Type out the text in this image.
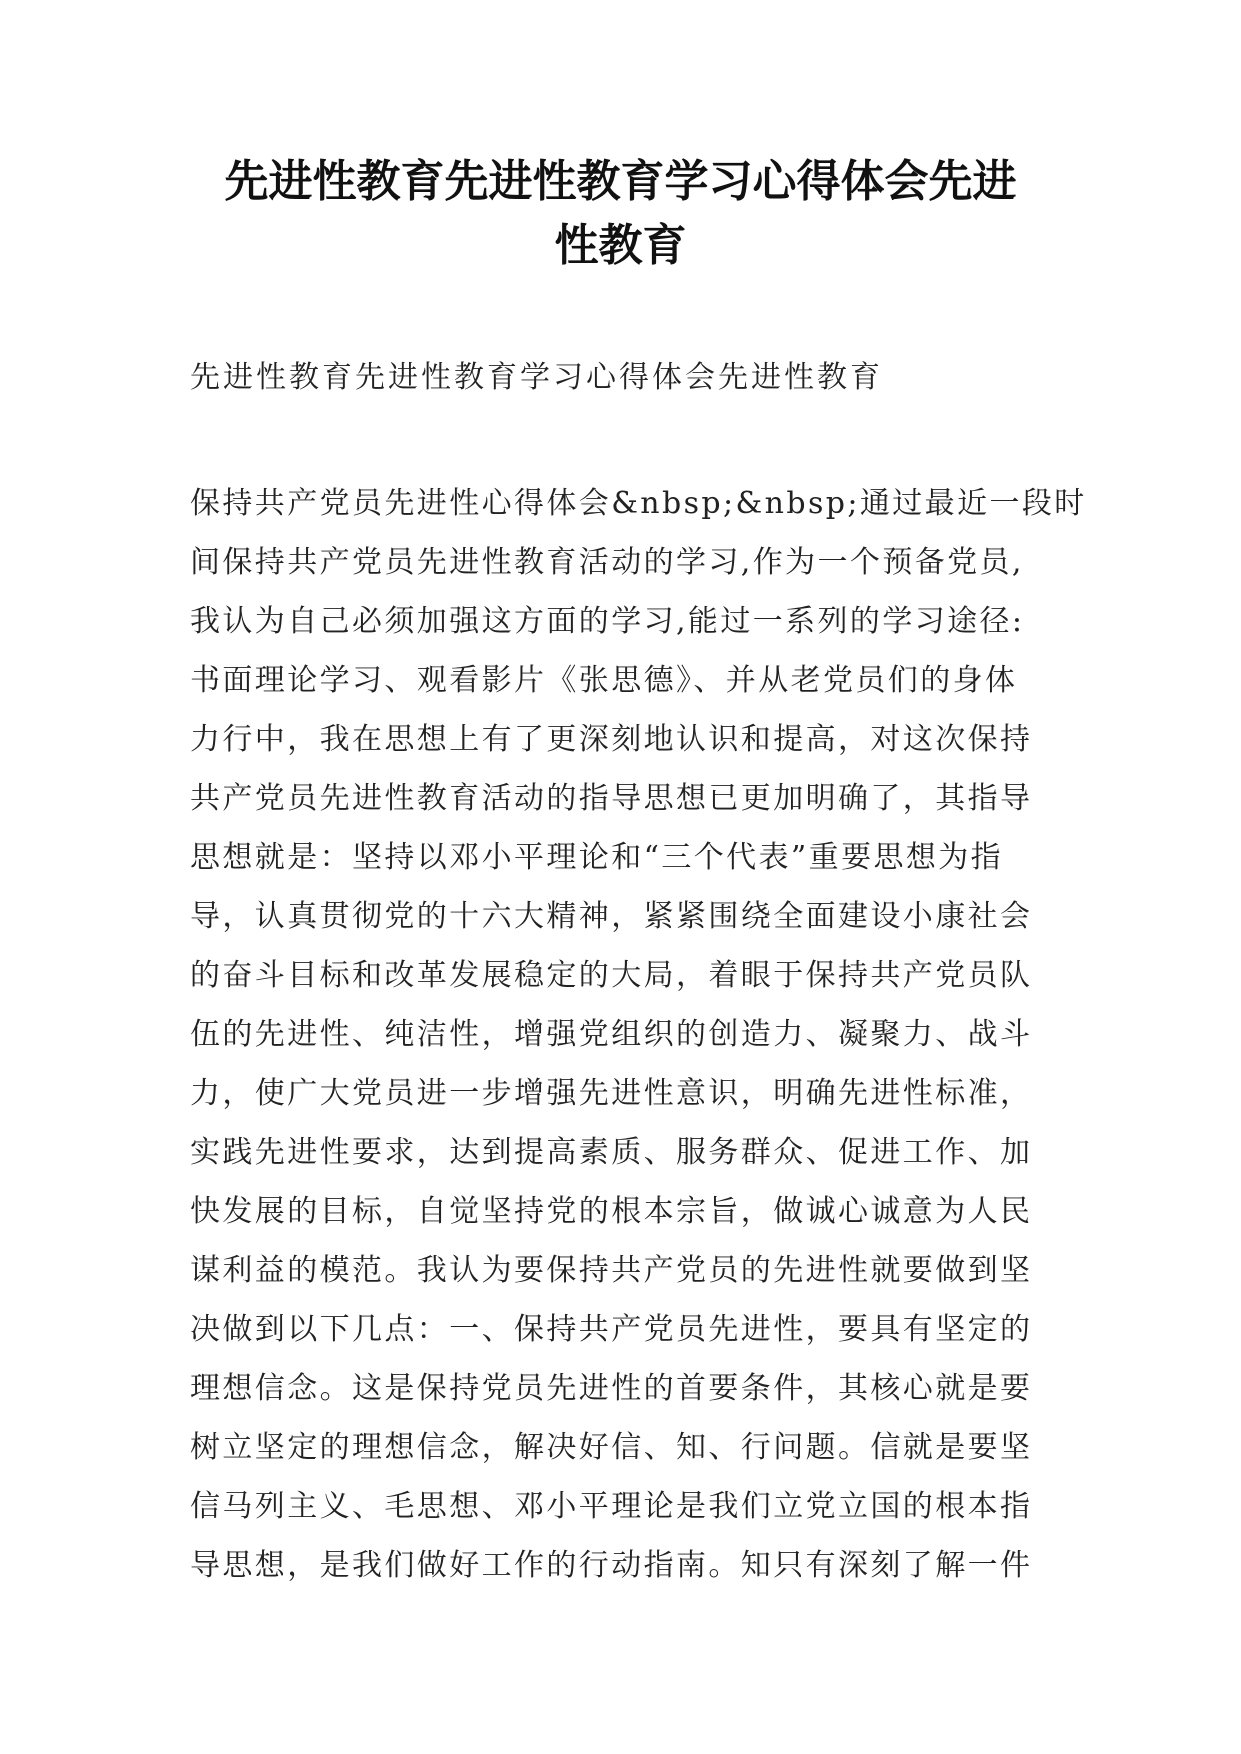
先进性教育先进性教育学习心得体会先进
性教育

先进性教育先进性教育学习心得体会先进性教育

保持共产党员先进性心得体会&nbsp;&nbsp;通过最近一段时
间保持共产党员先进性教育活动的学习,作为一个预备党员,
我认为自己必须加强这方面的学习,能过一系列的学习途径:
书面理论学习、观看影片《张思德》、并从老党员们的身体
力行中，我在思想上有了更深刻地认识和提高，对这次保持
共产党员先进性教育活动的指导思想已更加明确了，其指导
思想就是：坚持以邓小平理论和“三个代表”重要思想为指
导，认真贯彻党的十六大精神，紧紧围绕全面建设小康社会
的奋斗目标和改革发展稳定的大局，着眼于保持共产党员队
伍的先进性、纯洁性，增强党组织的创造力、凝聚力、战斗
力，使广大党员进一步增强先进性意识，明确先进性标准，
实践先进性要求，达到提高素质、服务群众、促进工作、加
快发展的目标，自觉坚持党的根本宗旨，做诚心诚意为人民
谋利益的模范。我认为要保持共产党员的先进性就要做到坚
决做到以下几点：一、保持共产党员先进性，要具有坚定的
理想信念。这是保持党员先进性的首要条件，其核心就是要
树立坚定的理想信念，解决好信、知、行问题。信就是要坚
信马列主义、毛思想、邓小平理论是我们立党立国的根本指
导思想，是我们做好工作的行动指南。知只有深刻了解一件
